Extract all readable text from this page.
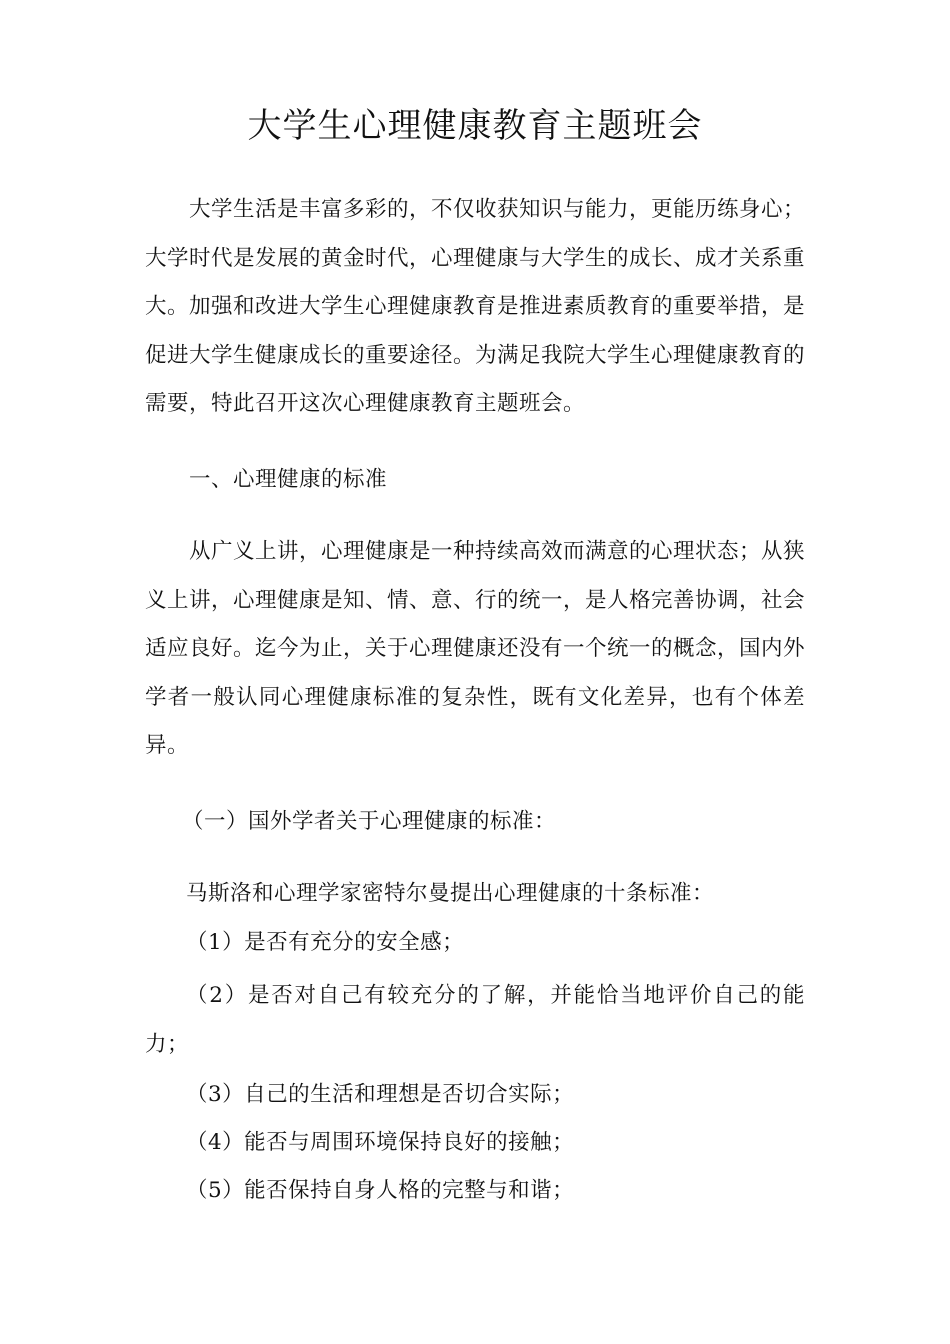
大学生心理健康教育主题班会

大学生活是丰富多彩的，不仅收获知识与能力，更能历练身心；大学时代是发展的黄金时代，心理健康与大学生的成长、成才关系重大。加强和改进大学生心理健康教育是推进素质教育的重要举措，是促进大学生健康成长的重要途径。为满足我院大学生心理健康教育的需要，特此召开这次心理健康教育主题班会。

一、心理健康的标准

从广义上讲，心理健康是一种持续高效而满意的心理状态；从狭义上讲，心理健康是知、情、意、行的统一，是人格完善协调，社会适应良好。迄今为止，关于心理健康还没有一个统一的概念，国内外学者一般认同心理健康标准的复杂性，既有文化差异，也有个体差异。

（一）国外学者关于心理健康的标准：

马斯洛和心理学家密特尔曼提出心理健康的十条标准：

（1）是否有充分的安全感；

（2）是否对自己有较充分的了解，并能恰当地评价自己的能力；

（3）自己的生活和理想是否切合实际；

（4）能否与周围环境保持良好的接触；

（5）能否保持自身人格的完整与和谐；
